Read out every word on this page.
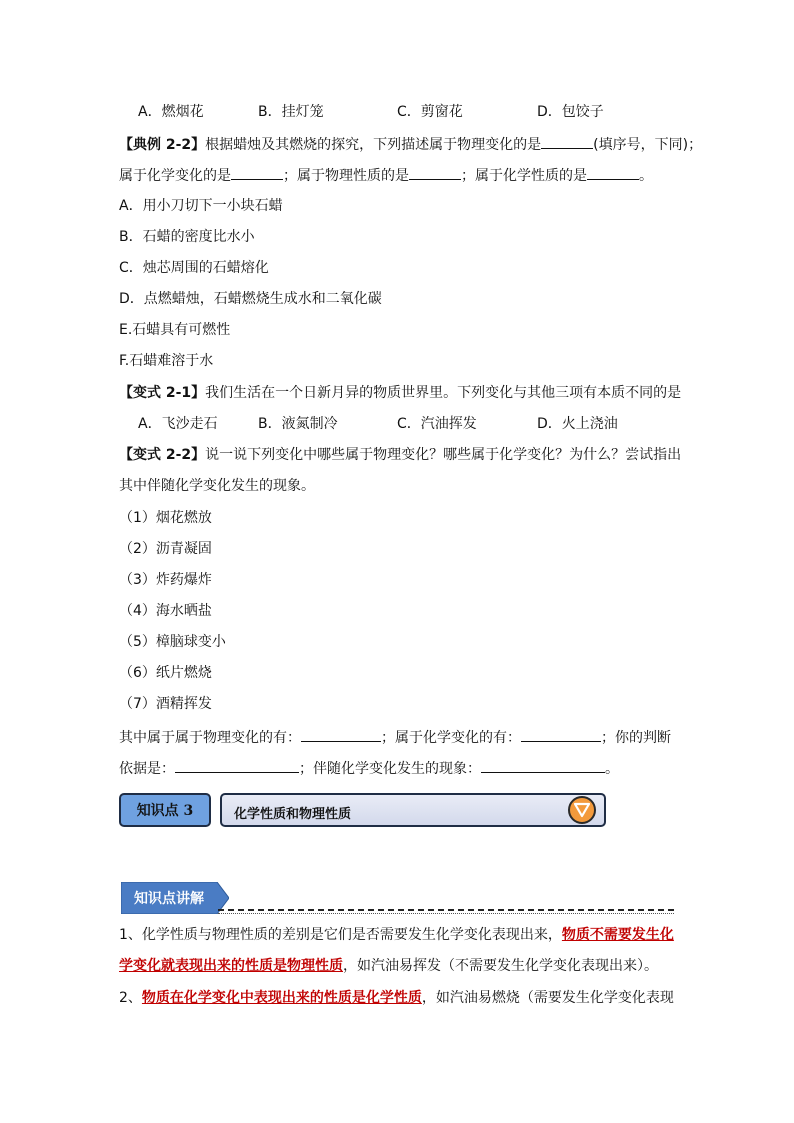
A．燃烟花	B．挂灯笼	C．剪窗花	D．包饺子
【典例 2-2】根据蜡烛及其燃烧的探究，下列描述属于物理变化的是	(填序号，下同)；
属于化学变化的是	；属于物理性质的是	；属于化学性质的是	。
A．用小刀切下一小块石蜡
B．石蜡的密度比水小
C．烛芯周围的石蜡熔化
D．点燃蜡烛，石蜡燃烧生成水和二氧化碳
E.石蜡具有可燃性
F.石蜡难溶于水
【变式 2-1】我们生活在一个日新月异的物质世界里。下列变化与其他三项有本质不同的是
A．飞沙走石	B．液氮制冷	C．汽油挥发	D．火上浇油
【变式 2-2】说一说下列变化中哪些属于物理变化？哪些属于化学变化？为什么？尝试指出
其中伴随化学变化发生的现象。
（1）烟花燃放
（2）沥青凝固
（3）炸药爆炸
（4）海水晒盐
（5）樟脑球变小
（6）纸片燃烧
（7）酒精挥发
其中属于属于物理变化的有：	；属于化学变化的有：	；你的判断
依据是：	；伴随化学变化发生的现象：	。
知识点 3	化学性质和物理性质
知识点讲解
1、化学性质与物理性质的差别是它们是否需要发生化学变化表现出来，物质不需要发生化
学变化就表现出来的性质是物理性质，如汽油易挥发（不需要发生化学变化表现出来）。
2、物质在化学变化中表现出来的性质是化学性质，如汽油易燃烧（需要发生化学变化表现
